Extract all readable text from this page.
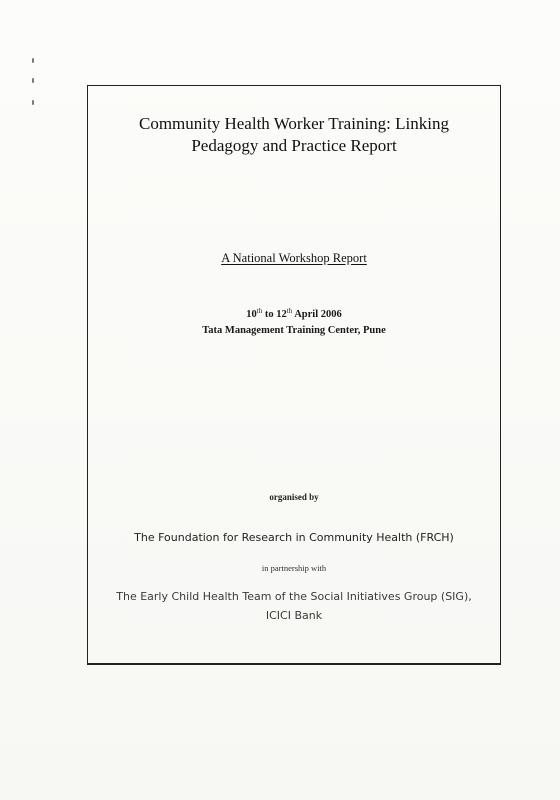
Community Health Worker Training: Linking
Pedagogy and Practice Report
A National Workshop Report
10th to 12th April 2006
Tata Management Training Center, Pune
organised by
The Foundation for Research in Community Health (FRCH)
in partnership with
The Early Child Health Team of the Social Initiatives Group (SIG),
ICICI Bank
